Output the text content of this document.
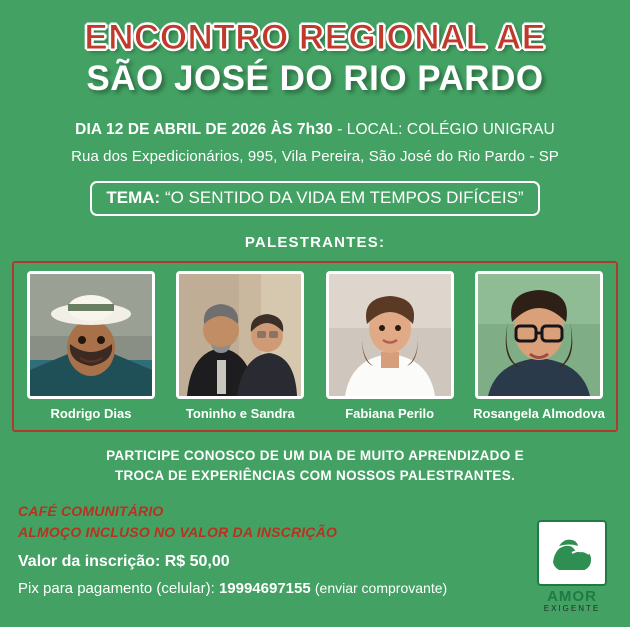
ENCONTRO REGIONAL AE
SÃO JOSÉ DO RIO PARDO
DIA 12 DE ABRIL DE 2026 ÀS 7h30 - LOCAL: COLÉGIO UNIGRAU
Rua dos Expedicionários, 995, Vila Pereira, São José do Rio Pardo - SP
TEMA: “O SENTIDO DA VIDA EM TEMPOS DIFÍCEIS”
PALESTRANTES:
Rodrigo Dias	Toninho e Sandra	Fabiana Perilo	Rosangela Almodova
PARTICIPE CONOSCO DE UM DIA DE MUITO APRENDIZADO E
TROCA DE EXPERIÊNCIAS COM NOSSOS PALESTRANTES.
CAFÉ COMUNITÁRIO
ALMOÇO INCLUSO NO VALOR DA INSCRIÇÃO
Valor da inscrição: R$ 50,00
Pix para pagamento (celular): 19994697155 (enviar comprovante)	AMOR
EXIGENTE
